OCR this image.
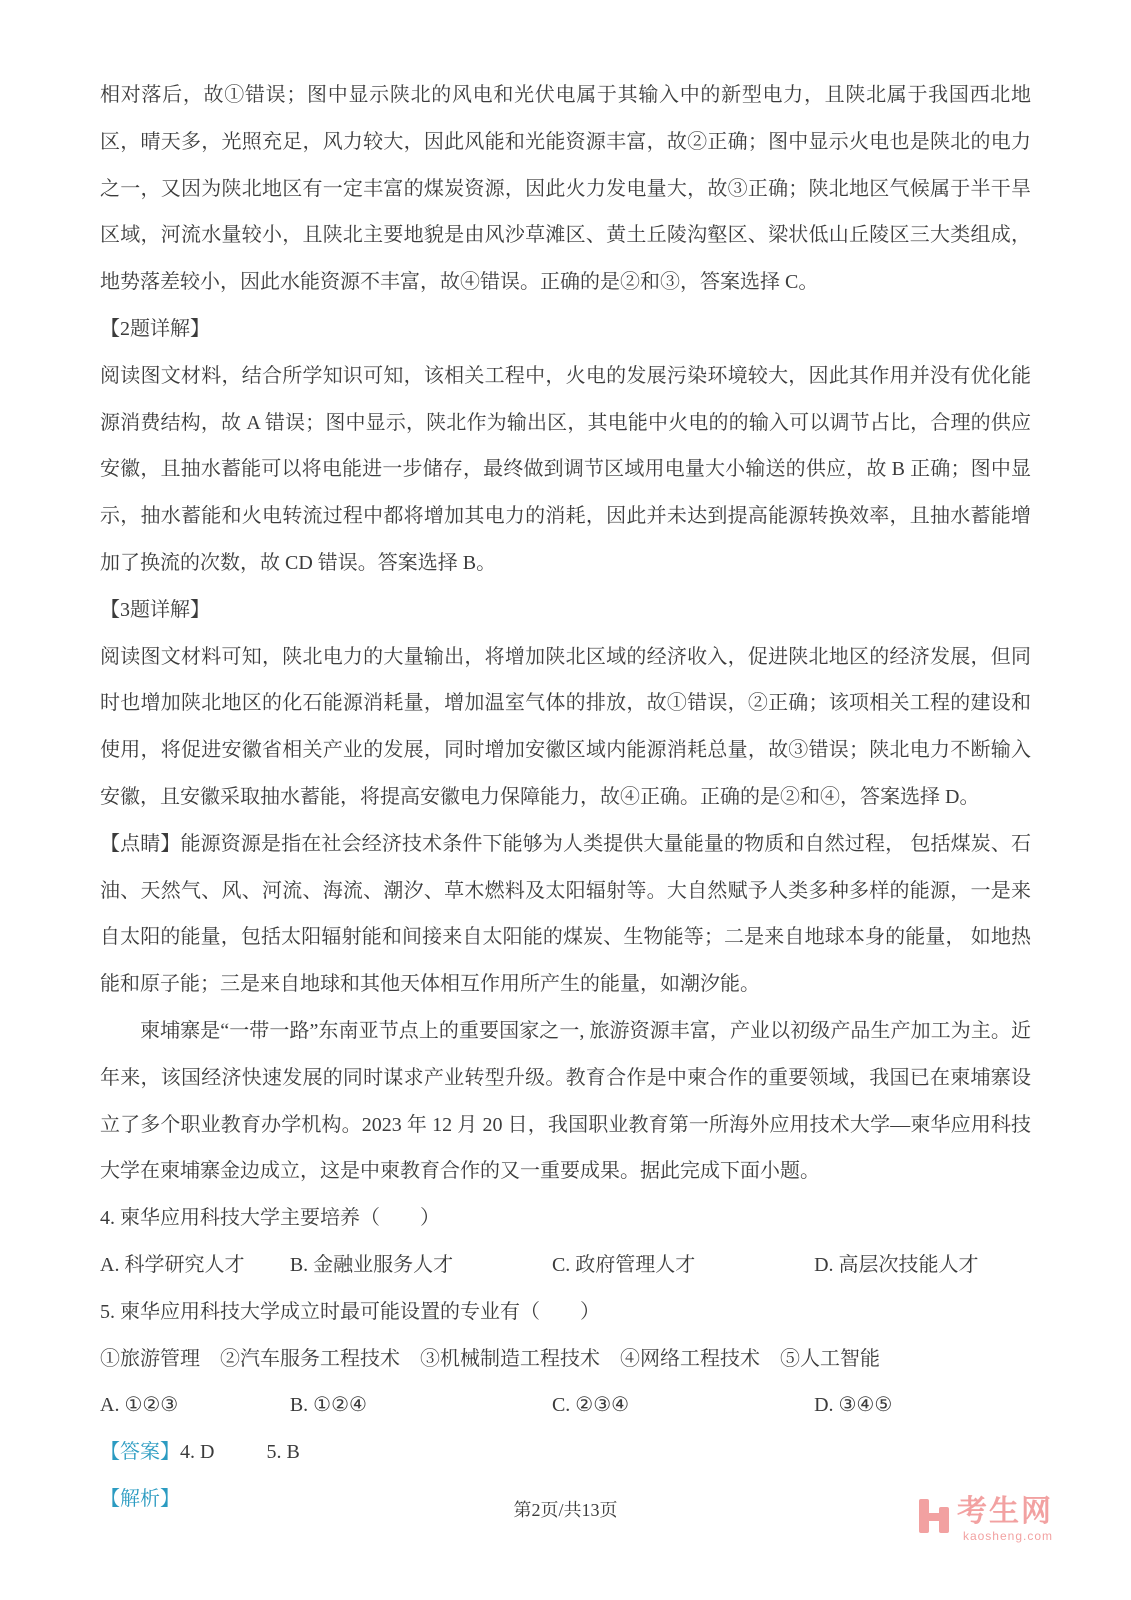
相对落后，故①错误；图中显示陕北的风电和光伏电属于其输入中的新型电力，且陕北属于我国西北地区，晴天多，光照充足，风力较大，因此风能和光能资源丰富，故②正确；图中显示火电也是陕北的电力之一，又因为陕北地区有一定丰富的煤炭资源，因此火力发电量大，故③正确；陕北地区气候属于半干旱区域，河流水量较小，且陕北主要地貌是由风沙草滩区、黄土丘陵沟壑区、梁状低山丘陵区三大类组成，地势落差较小，因此水能资源不丰富，故④错误。正确的是②和③，答案选择 C。

【2题详解】

阅读图文材料，结合所学知识可知，该相关工程中，火电的发展污染环境较大，因此其作用并没有优化能源消费结构，故 A 错误；图中显示，陕北作为输出区，其电能中火电的的输入可以调节占比，合理的供应安徽，且抽水蓄能可以将电能进一步储存，最终做到调节区域用电量大小输送的供应，故 B 正确；图中显示，抽水蓄能和火电转流过程中都将增加其电力的消耗，因此并未达到提高能源转换效率，且抽水蓄能增加了换流的次数，故 CD 错误。答案选择 B。

【3题详解】

阅读图文材料可知，陕北电力的大量输出，将增加陕北区域的经济收入，促进陕北地区的经济发展，但同时也增加陕北地区的化石能源消耗量，增加温室气体的排放，故①错误，②正确；该项相关工程的建设和使用，将促进安徽省相关产业的发展，同时增加安徽区域内能源消耗总量，故③错误；陕北电力不断输入安徽，且安徽采取抽水蓄能，将提高安徽电力保障能力，故④正确。正确的是②和④，答案选择 D。

【点睛】能源资源是指在社会经济技术条件下能够为人类提供大量能量的物质和自然过程， 包括煤炭、石油、天然气、风、河流、海流、潮汐、草木燃料及太阳辐射等。大自然赋予人类多种多样的能源，一是来自太阳的能量，包括太阳辐射能和间接来自太阳能的煤炭、生物能等；二是来自地球本身的能量， 如地热能和原子能；三是来自地球和其他天体相互作用所产生的能量，如潮汐能。

柬埔寨是“一带一路”东南亚节点上的重要国家之一, 旅游资源丰富，产业以初级产品生产加工为主。近年来，该国经济快速发展的同时谋求产业转型升级。教育合作是中柬合作的重要领域，我国已在柬埔寨设立了多个职业教育办学机构。2023 年 12 月 20 日，我国职业教育第一所海外应用技术大学—柬华应用科技大学在柬埔寨金边成立，这是中柬教育合作的又一重要成果。据此完成下面小题。

4. 柬华应用科技大学主要培养（　　）

A. 科学研究人才	B. 金融业服务人才	C. 政府管理人才	D. 高层次技能人才

5. 柬华应用科技大学成立时最可能设置的专业有（　　）

①旅游管理　②汽车服务工程技术　③机械制造工程技术　④网络工程技术　⑤人工智能

A. ①②③	B. ①②④	C. ②③④	D. ③④⑤
【答案】 4. D	5. B
【解析】
第2页/共13页	考生网
kaosheng.com
